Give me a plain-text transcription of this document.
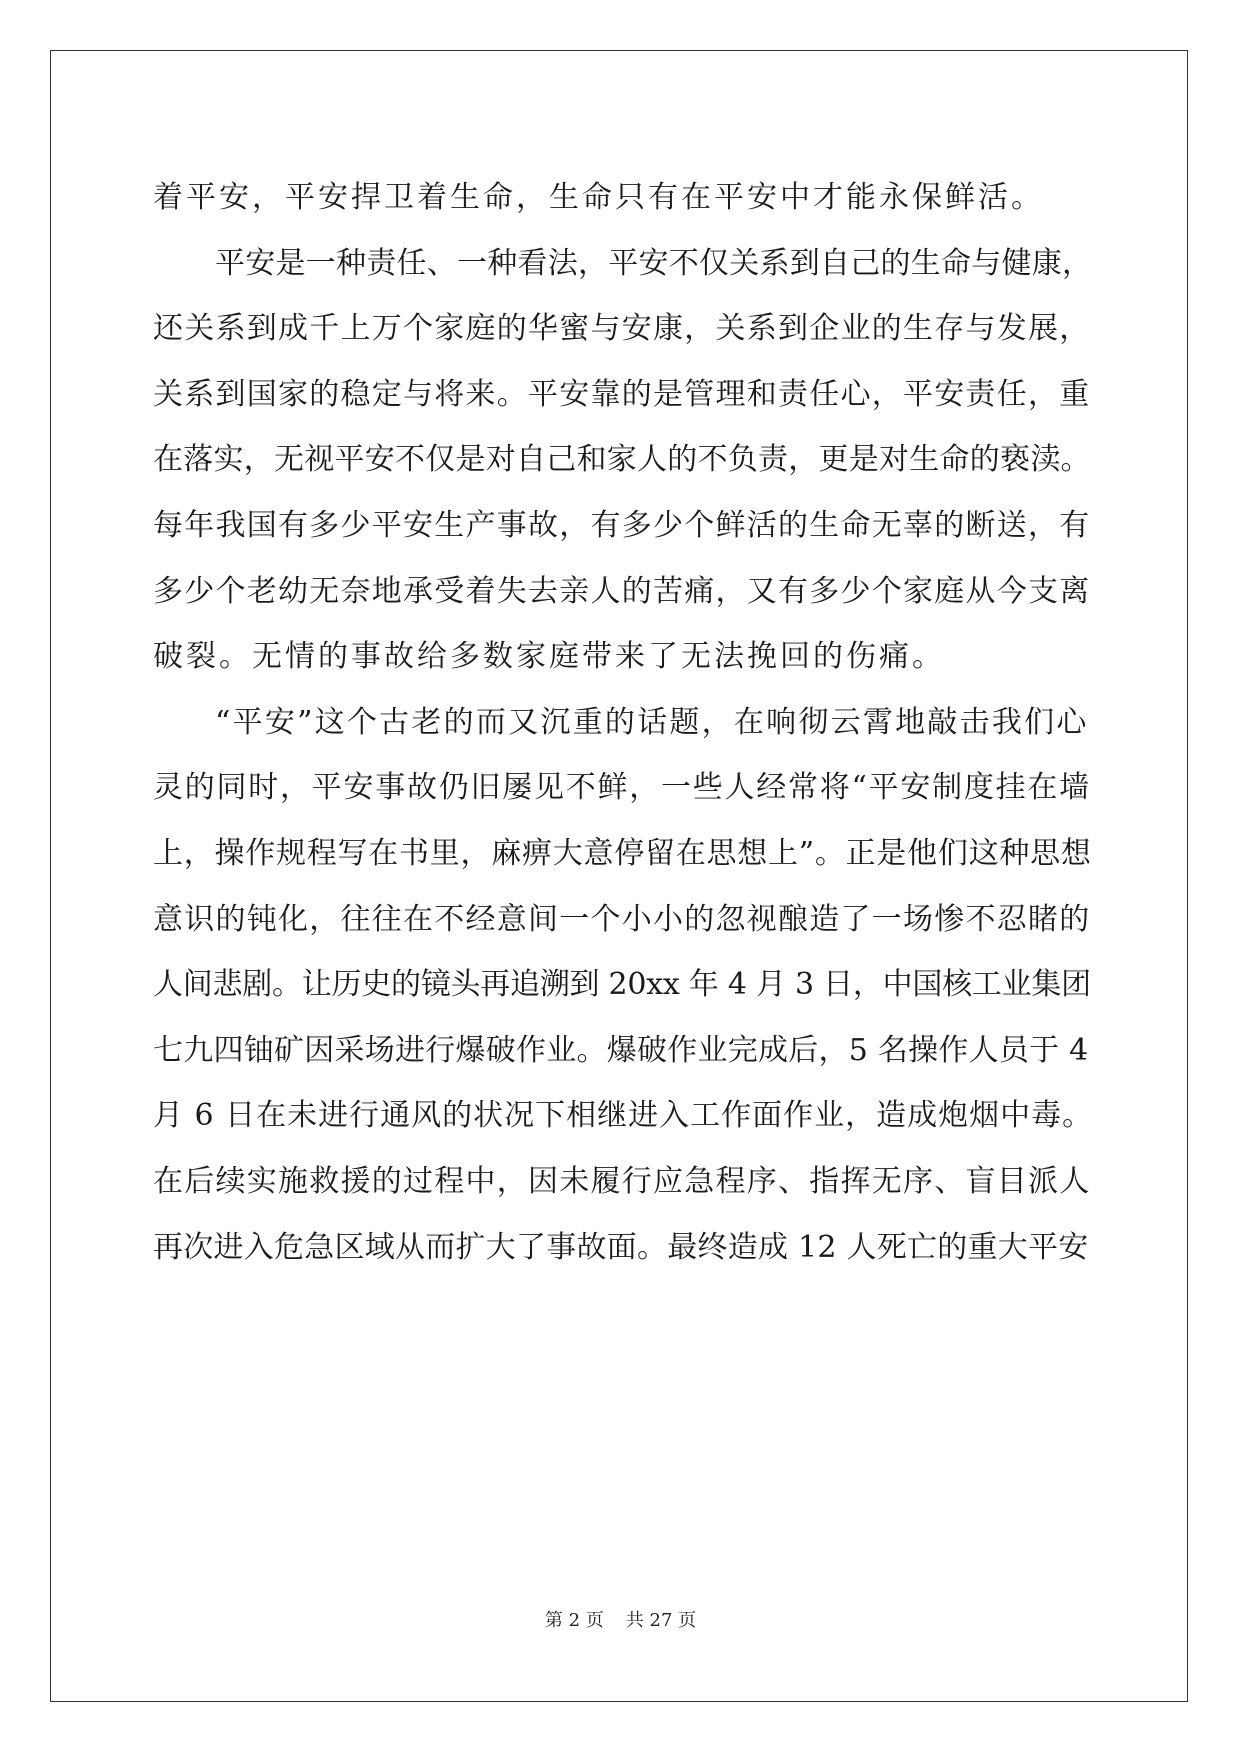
着平安，平安捍卫着生命，生命只有在平安中才能永保鲜活。
平安是一种责任、一种看法，平安不仅关系到自己的生命与健康，
还关系到成千上万个家庭的华蜜与安康，关系到企业的生存与发展，
关系到国家的稳定与将来。平安靠的是管理和责任心，平安责任，重
在落实，无视平安不仅是对自己和家人的不负责，更是对生命的亵渎。
每年我国有多少平安生产事故，有多少个鲜活的生命无辜的断送，有
多少个老幼无奈地承受着失去亲人的苦痛，又有多少个家庭从今支离
破裂。无情的事故给多数家庭带来了无法挽回的伤痛。
“平安”这个古老的而又沉重的话题，在响彻云霄地敲击我们心
灵的同时，平安事故仍旧屡见不鲜，一些人经常将“平安制度挂在墙
上，操作规程写在书里，麻痹大意停留在思想上”。正是他们这种思想
意识的钝化，往往在不经意间一个小小的忽视酿造了一场惨不忍睹的
人间悲剧。让历史的镜头再追溯到 20xx 年 4 月 3 日，中国核工业集团
七九四铀矿因采场进行爆破作业。爆破作业完成后，5 名操作人员于 4
月 6 日在未进行通风的状况下相继进入工作面作业，造成炮烟中毒。
在后续实施救援的过程中，因未履行应急程序、指挥无序、盲目派人
再次进入危急区域从而扩大了事故面。最终造成 12 人死亡的重大平安
第 2 页 共 27 页
